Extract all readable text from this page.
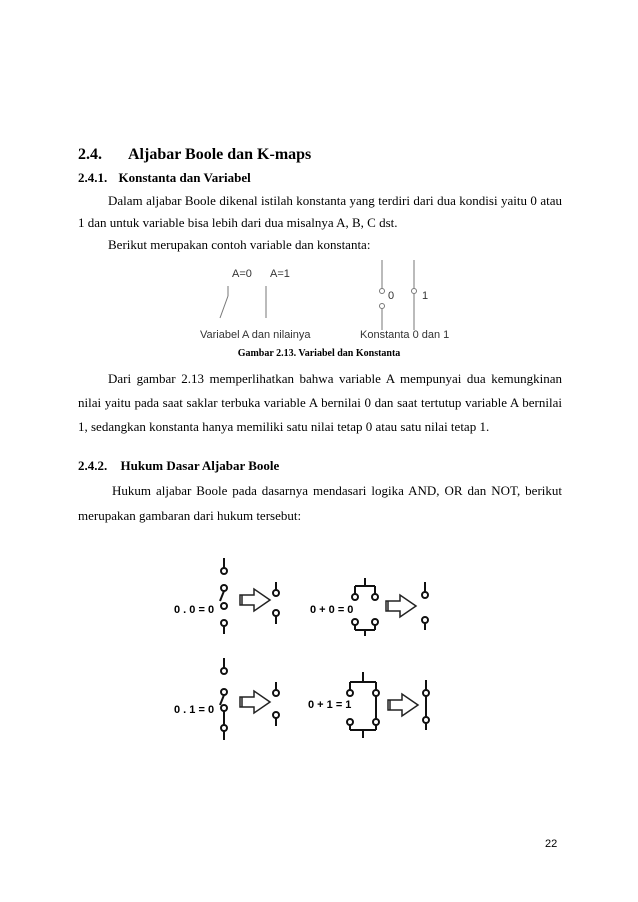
2.4. Aljabar Boole dan K-maps
2.4.1. Konstanta dan Variabel
Dalam aljabar Boole dikenal istilah konstanta yang terdiri dari dua kondisi yaitu 0 atau
1 dan untuk variable bisa lebih dari dua misalnya A, B, C dst.
Berikut merupakan contoh variable dan konstanta:
A=0 A=1
0	1
Variabel A dan nilainya	Konstanta 0 dan 1
Gambar 2.13. Variabel dan Konstanta
Dari gambar 2.13 memperlihatkan bahwa variable A mempunyai dua kemungkinan
nilai yaitu pada saat saklar terbuka variable A bernilai 0 dan saat tertutup variable A bernilai
1, sedangkan konstanta hanya memiliki satu nilai tetap 0 atau satu nilai tetap 1.
2.4.2. Hukum Dasar Aljabar Boole
Hukum aljabar Boole pada dasarnya mendasari logika AND, OR dan NOT, berikut
merupakan gambaran dari hukum tersebut:
0 . 0 = 0	0 + 0 = 0
0 . 1 = 0	0 + 1 = 1
22
